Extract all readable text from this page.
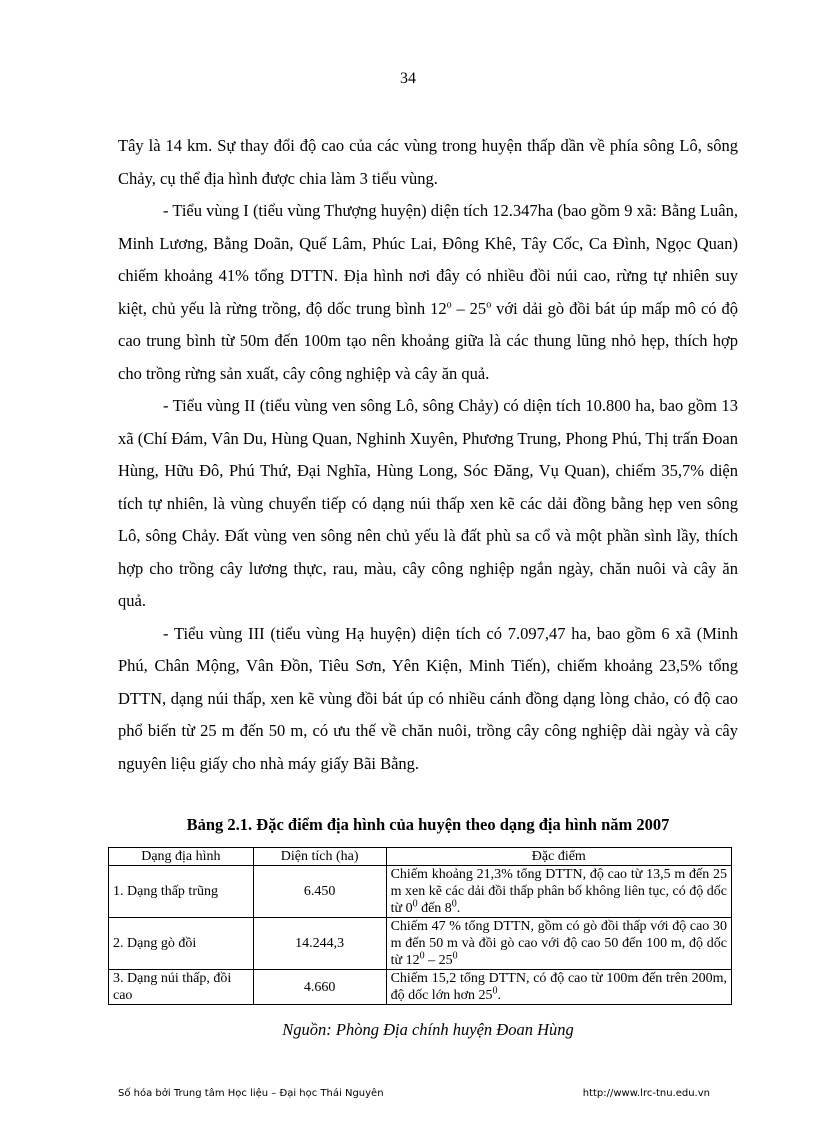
34

Tây là 14 km. Sự thay đổi độ cao của các vùng trong huyện thấp dần về phía sông Lô, sông Chảy, cụ thể địa hình được chia làm 3 tiểu vùng.

- Tiểu vùng I (tiểu vùng Thượng huyện) diện tích 12.347ha (bao gồm 9 xã: Bằng Luân, Minh Lương, Bằng Doãn, Quế Lâm, Phúc Lai, Đông Khê, Tây Cốc, Ca Đình, Ngọc Quan) chiếm khoảng 41% tổng DTTN. Địa hình nơi đây có nhiều đồi núi cao, rừng tự nhiên suy kiệt, chủ yếu là rừng trồng, độ dốc trung bình 12$^o$ – 25$^o$ với dải gò đồi bát úp mấp mô có độ cao trung bình từ 50m đến 100m tạo nên khoảng giữa là các thung lũng nhỏ hẹp, thích hợp cho trồng rừng sản xuất, cây công nghiệp và cây ăn quả.

- Tiểu vùng II (tiểu vùng ven sông Lô, sông Chảy) có diện tích 10.800 ha, bao gồm 13 xã (Chí Đám, Vân Du, Hùng Quan, Nghinh Xuyên, Phương Trung, Phong Phú, Thị trấn Đoan Hùng, Hữu Đô, Phú Thứ, Đại Nghĩa, Hùng Long, Sóc Đăng, Vụ Quan), chiếm 35,7% diện tích tự nhiên, là vùng chuyển tiếp có dạng núi thấp xen kẽ các dải đồng bằng hẹp ven sông Lô, sông Chảy. Đất vùng ven sông nên chủ yếu là đất phù sa cổ và một phần sình lầy, thích hợp cho trồng cây lương thực, rau, màu, cây công nghiệp ngắn ngày, chăn nuôi và cây ăn quả.

- Tiểu vùng III (tiểu vùng Hạ huyện) diện tích có 7.097,47 ha, bao gồm 6 xã (Minh Phú, Chân Mộng, Vân Đồn, Tiêu Sơn, Yên Kiện, Minh Tiến), chiếm khoảng 23,5% tổng DTTN, dạng núi thấp, xen kẽ vùng đồi bát úp có nhiều cánh đồng dạng lòng chảo, có độ cao phổ biến từ 25 m đến 50 m, có ưu thế về chăn nuôi, trồng cây công nghiệp dài ngày và cây nguyên liệu giấy cho nhà máy giấy Bãi Bằng.

Bảng 2.1. Đặc điểm địa hình của huyện theo dạng địa hình năm 2007
Dạng địa hình	Diện tích (ha)	Đặc điểm
1. Dạng thấp trũng	6.450	Chiếm khoảng 21,3% tổng DTTN, độ cao từ 13,5 m đến 25 m xen kẽ các dải đồi thấp phân bố không liên tục, có độ dốc từ $0^0$ đến $8^0$.
2. Dạng gò đồi	14.244,3	Chiếm 47 % tổng DTTN, gồm có gò đồi thấp với độ cao 30 m đến 50 m và đồi gò cao với độ cao 50 đến 100 m, độ dốc từ $12^0 - 25^0$
3. Dạng núi thấp, đồi cao	4.660	Chiếm 15,2 tổng DTTN, có độ cao từ 100m đến trên 200m, độ dốc lớn hơn $25^0$.
Nguồn: Phòng Địa chính huyện Đoan Hùng
Số hóa bởi Trung tâm Học liệu – Đại học Thái Nguyên	http://www.lrc-tnu.edu.vn
